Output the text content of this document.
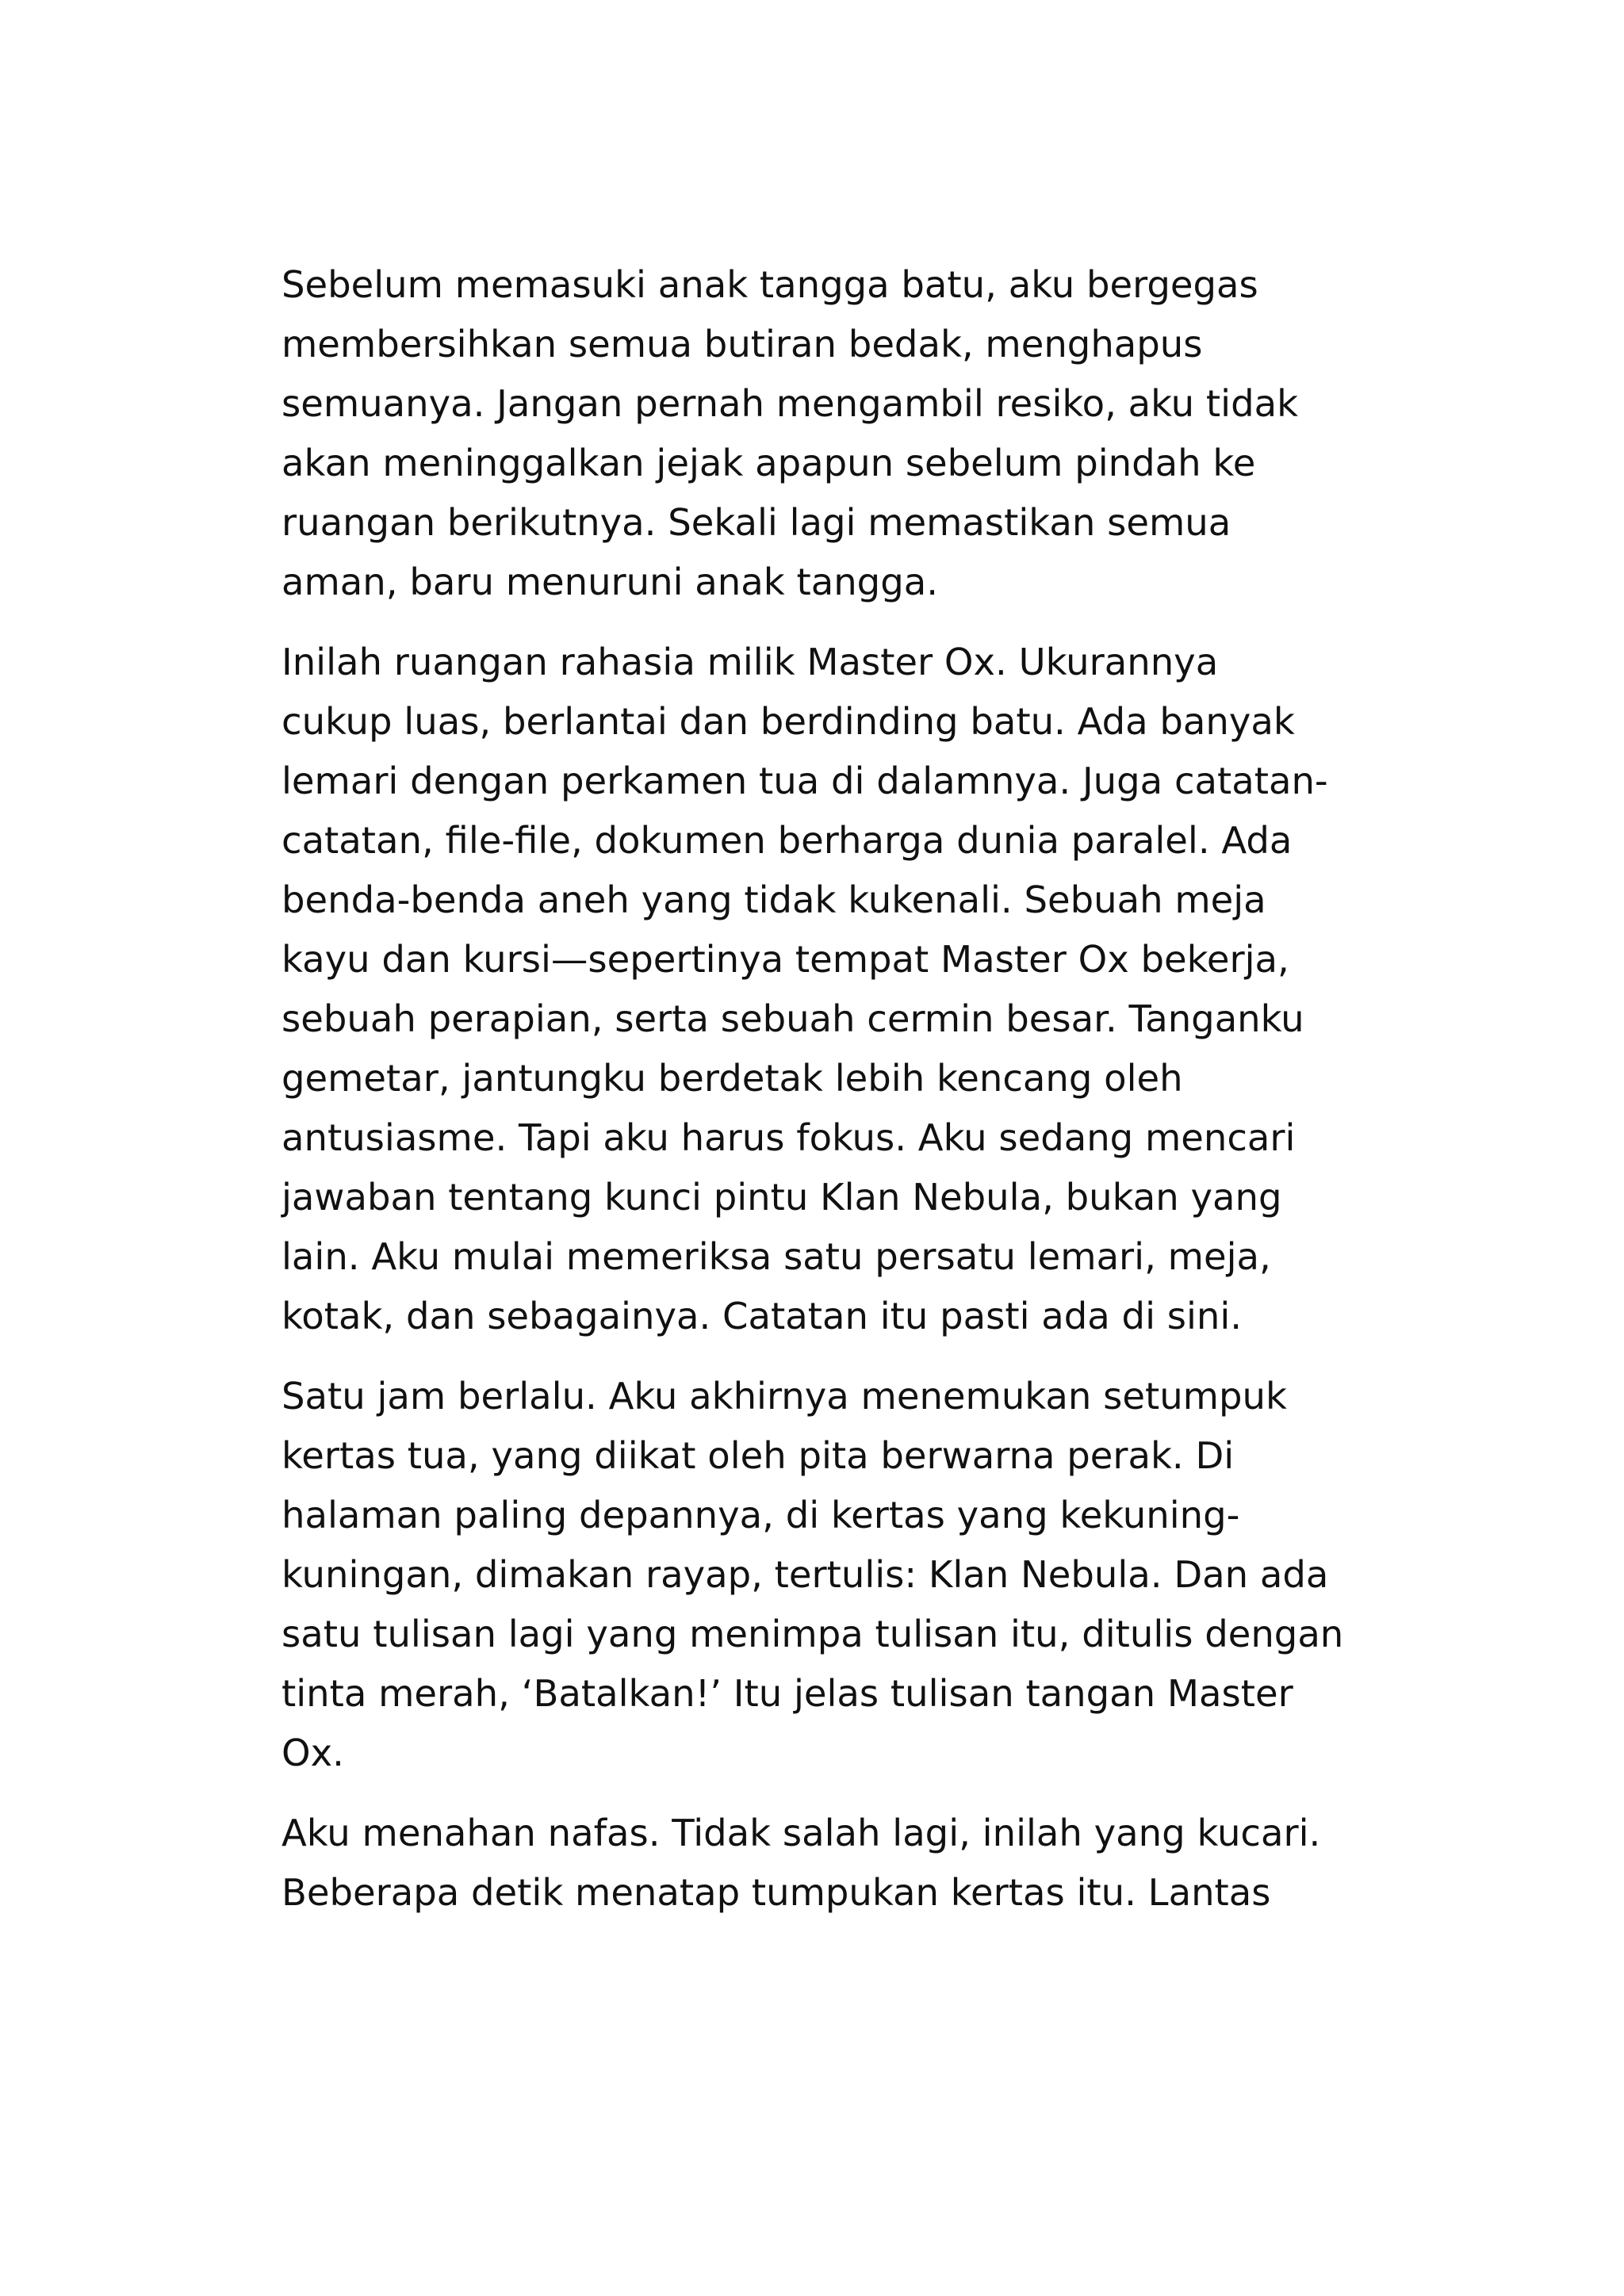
Sebelum memasuki anak tangga batu, aku bergegas
membersihkan semua butiran bedak, menghapus
semuanya. Jangan pernah mengambil resiko, aku tidak
akan meninggalkan jejak apapun sebelum pindah ke
ruangan berikutnya. Sekali lagi memastikan semua
aman, baru menuruni anak tangga.

Inilah ruangan rahasia milik Master Ox. Ukurannya
cukup luas, berlantai dan berdinding batu. Ada banyak
lemari dengan perkamen tua di dalamnya. Juga catatan-
catatan, file-file, dokumen berharga dunia paralel. Ada
benda-benda aneh yang tidak kukenali. Sebuah meja
kayu dan kursi—sepertinya tempat Master Ox bekerja,
sebuah perapian, serta sebuah cermin besar. Tanganku
gemetar, jantungku berdetak lebih kencang oleh
antusiasme. Tapi aku harus fokus. Aku sedang mencari
jawaban tentang kunci pintu Klan Nebula, bukan yang
lain. Aku mulai memeriksa satu persatu lemari, meja,
kotak, dan sebagainya. Catatan itu pasti ada di sini.

Satu jam berlalu. Aku akhirnya menemukan setumpuk
kertas tua, yang diikat oleh pita berwarna perak. Di
halaman paling depannya, di kertas yang kekuning-
kuningan, dimakan rayap, tertulis: Klan Nebula. Dan ada
satu tulisan lagi yang menimpa tulisan itu, ditulis dengan
tinta merah, ‘Batalkan!’ Itu jelas tulisan tangan Master
Ox.

Aku menahan nafas. Tidak salah lagi, inilah yang kucari.
Beberapa detik menatap tumpukan kertas itu. Lantas
